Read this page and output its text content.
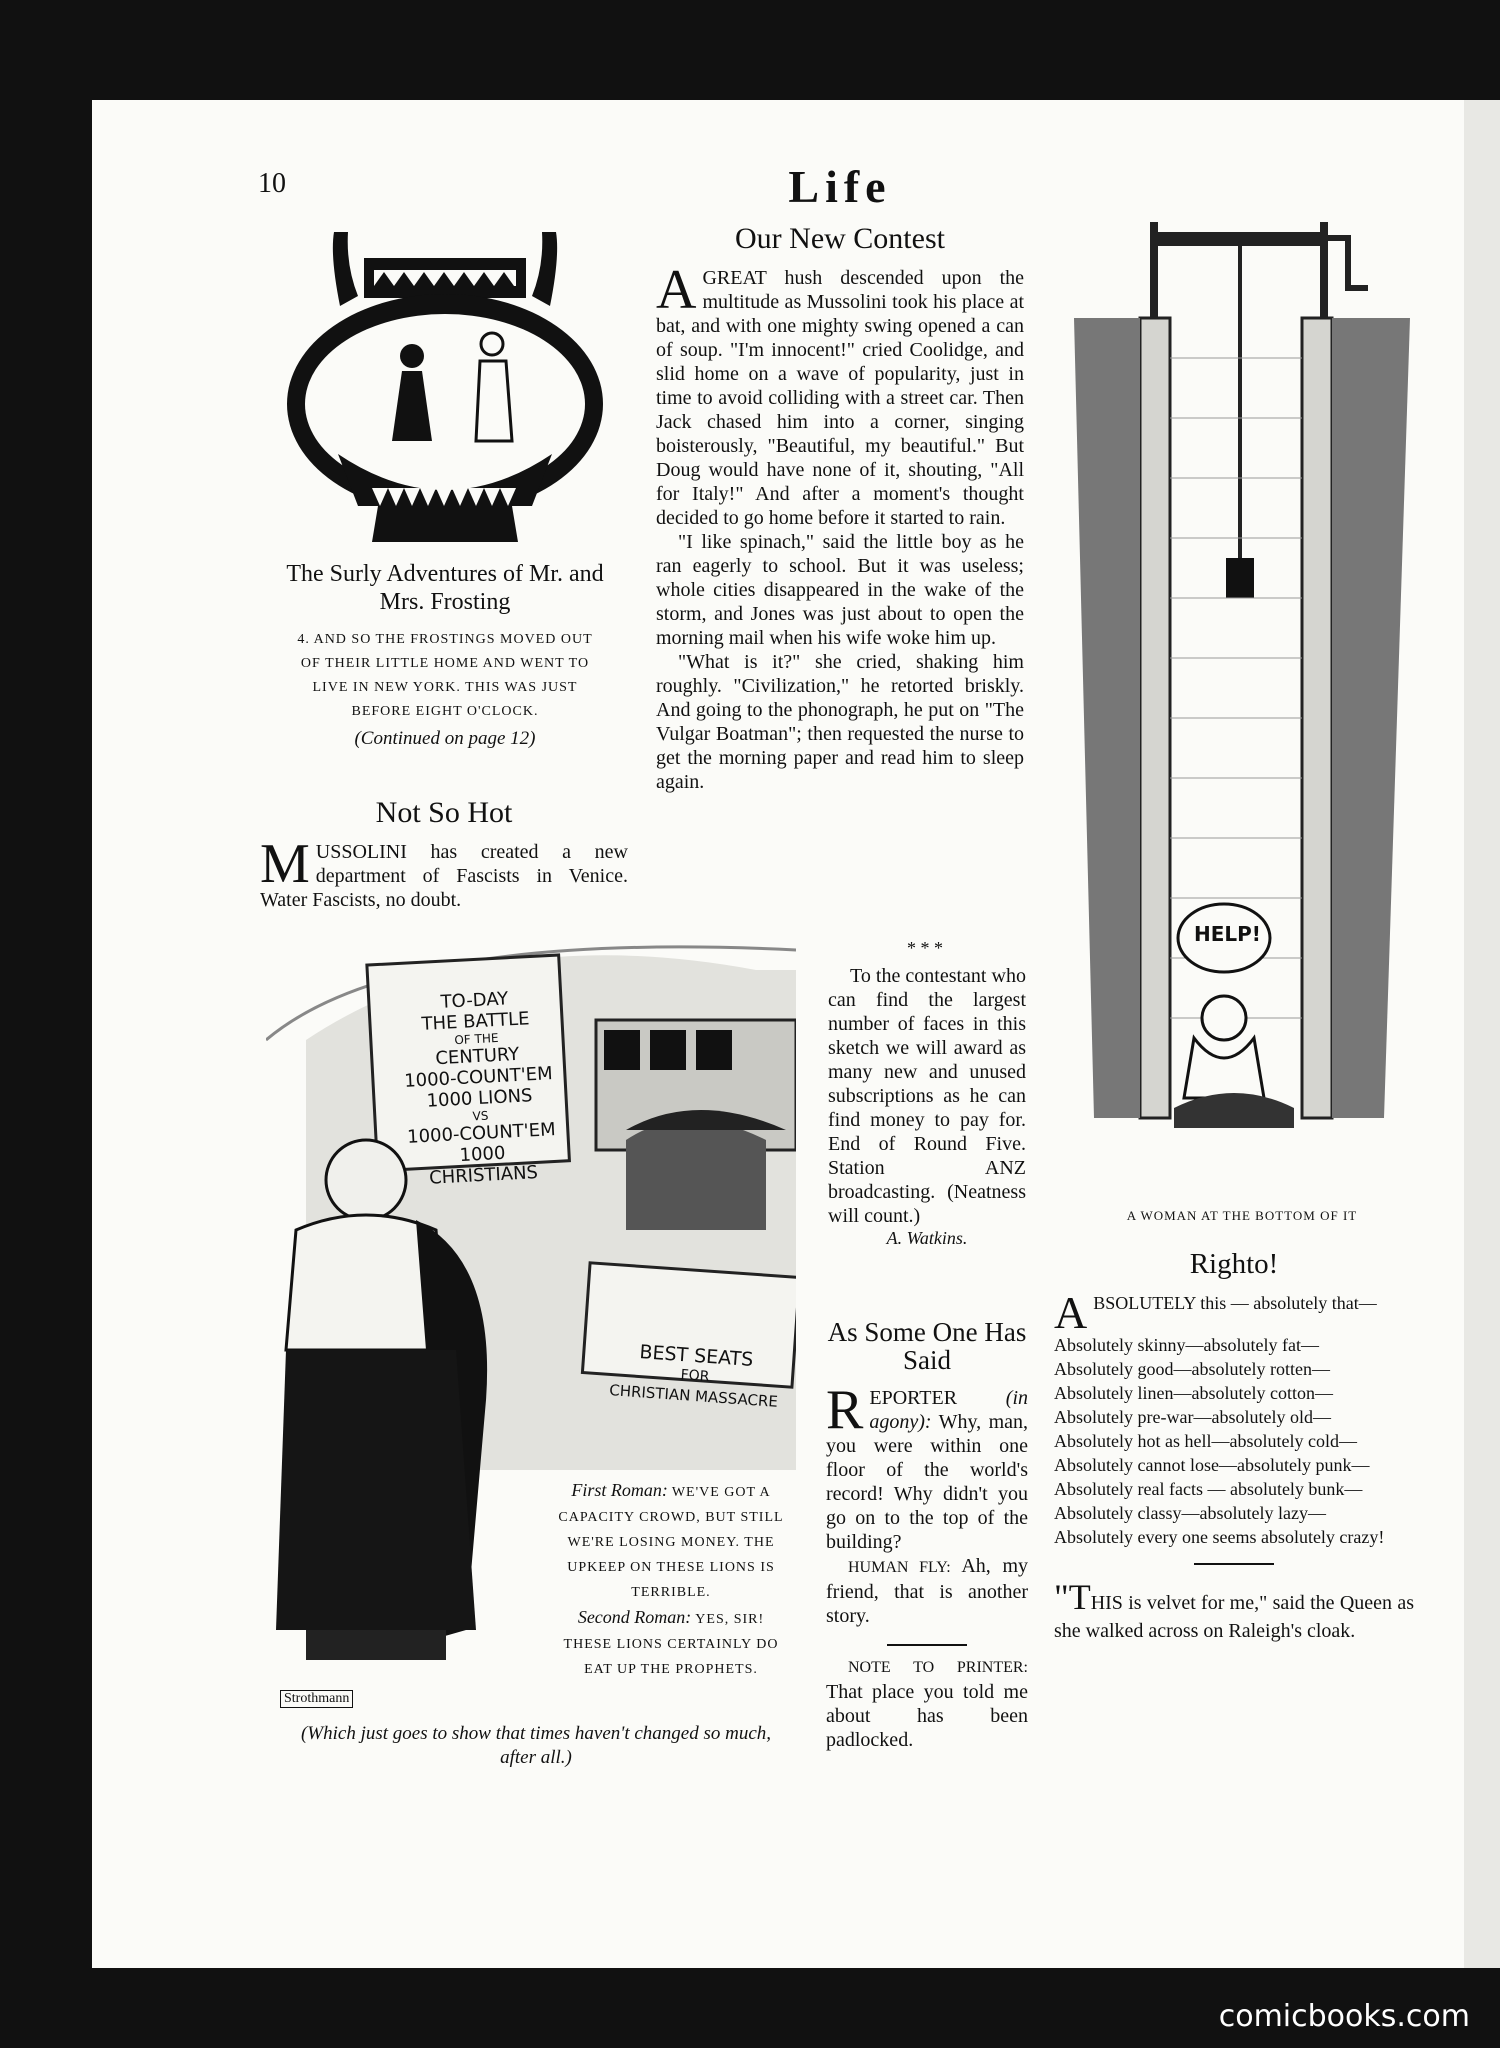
10	Life
The Surly Adventures of Mr. and Mrs. Frosting

4. AND SO THE FROSTINGS MOVED OUT OF THEIR LITTLE HOME AND WENT TO LIVE IN NEW YORK. THIS WAS JUST BEFORE EIGHT O'CLOCK.

(Continued on page 12)

Not So Hot

M USSOLINI has created a new department of Fascists in Venice. Water Fascists, no doubt.

Our New Contest

A GREAT hush descended upon the multitude as Mussolini took his place at bat, and with one mighty swing opened a can of soup. "I'm innocent!" cried Coolidge, and slid home on a wave of popularity, just in time to avoid colliding with a street car. Then Jack chased him into a corner, singing boisterously, "Beautiful, my beautiful." But Doug would have none of it, shouting, "All for Italy!" And after a moment's thought decided to go home before it started to rain.

"I like spinach," said the little boy as he ran eagerly to school. But it was useless; whole cities disappeared in the wake of the storm, and Jones was just about to open the morning mail when his wife woke him up.

"What is it?" she cried, shaking him roughly. "Civilization," he retorted briskly. And going to the phonograph, he put on "The Vulgar Boatman"; then requested the nurse to get the morning paper and read him to sleep again.

* * *

To the contestant who can find the largest number of faces in this sketch we will award as many new and unused subscriptions as he can find money to pay for. End of Round Five. Station ANZ broadcasting. (Neatness will count.)

A. Watkins.

TO-DAY
THE BATTLE
OF THE
CENTURY
1000-COUNT'EM
1000 LIONS
VS
1000-COUNT'EM
1000 CHRISTIANS
BEST SEATS
FOR
CHRISTIAN MASSACRE
Strothmann
First Roman: WE'VE GOT A CAPACITY CROWD, BUT STILL WE'RE LOSING MONEY. THE UPKEEP ON THESE LIONS IS TERRIBLE.
Second Roman: YES, SIR! THESE LIONS CERTAINLY DO EAT UP THE PROPHETS.
(Which just goes to show that times haven't changed so much, after all.)
As Some One Has Said

R EPORTER (in agony): Why, man, you were within one floor of the world's record! Why didn't you go on to the top of the building?

HUMAN FLY: Ah, my friend, that is another story.

NOTE TO PRINTER: That place you told me about has been padlocked.

HELP!
A WOMAN AT THE BOTTOM OF IT
Righto!

ABSOLUTELY this — absolutely that—

Absolutely skinny—absolutely fat—

Absolutely good—absolutely rotten—

Absolutely linen—absolutely cotton—

Absolutely pre-war—absolutely old—

Absolutely hot as hell—absolutely cold—

Absolutely cannot lose—absolutely punk—

Absolutely real facts — absolutely bunk—

Absolutely classy—absolutely lazy—

Absolutely every one seems absolutely crazy!

"THIS is velvet for me," said the Queen as she walked across on Raleigh's cloak.

comicbooks.com
